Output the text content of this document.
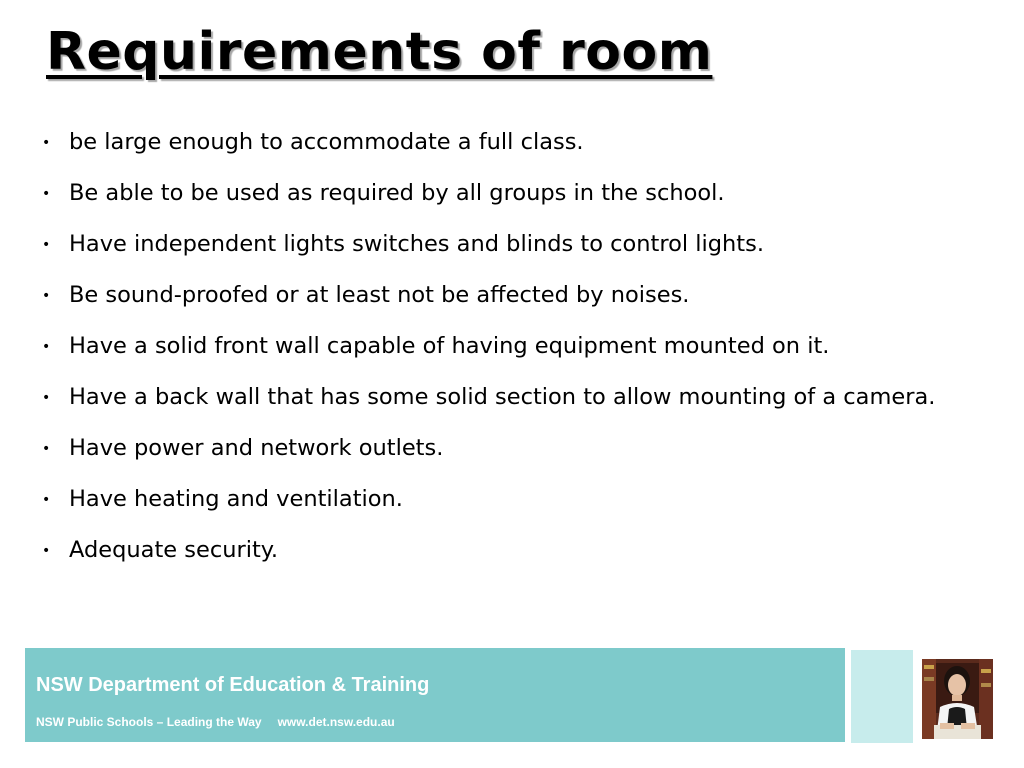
Requirements of room
• be large enough to accommodate a full class.
• Be able to be used as required by all groups in the school.
• Have independent lights switches and blinds to control lights.
• Be sound-proofed or at least not be affected by noises.
• Have a solid front wall capable of having equipment mounted on it.
• Have a back wall that has some solid section to allow mounting of a camera.
• Have power and network outlets.
• Have heating and ventilation.
• Adequate security.
NSW Department of Education & Training
NSW Public Schools – Leading the Way www.det.nsw.edu.au
